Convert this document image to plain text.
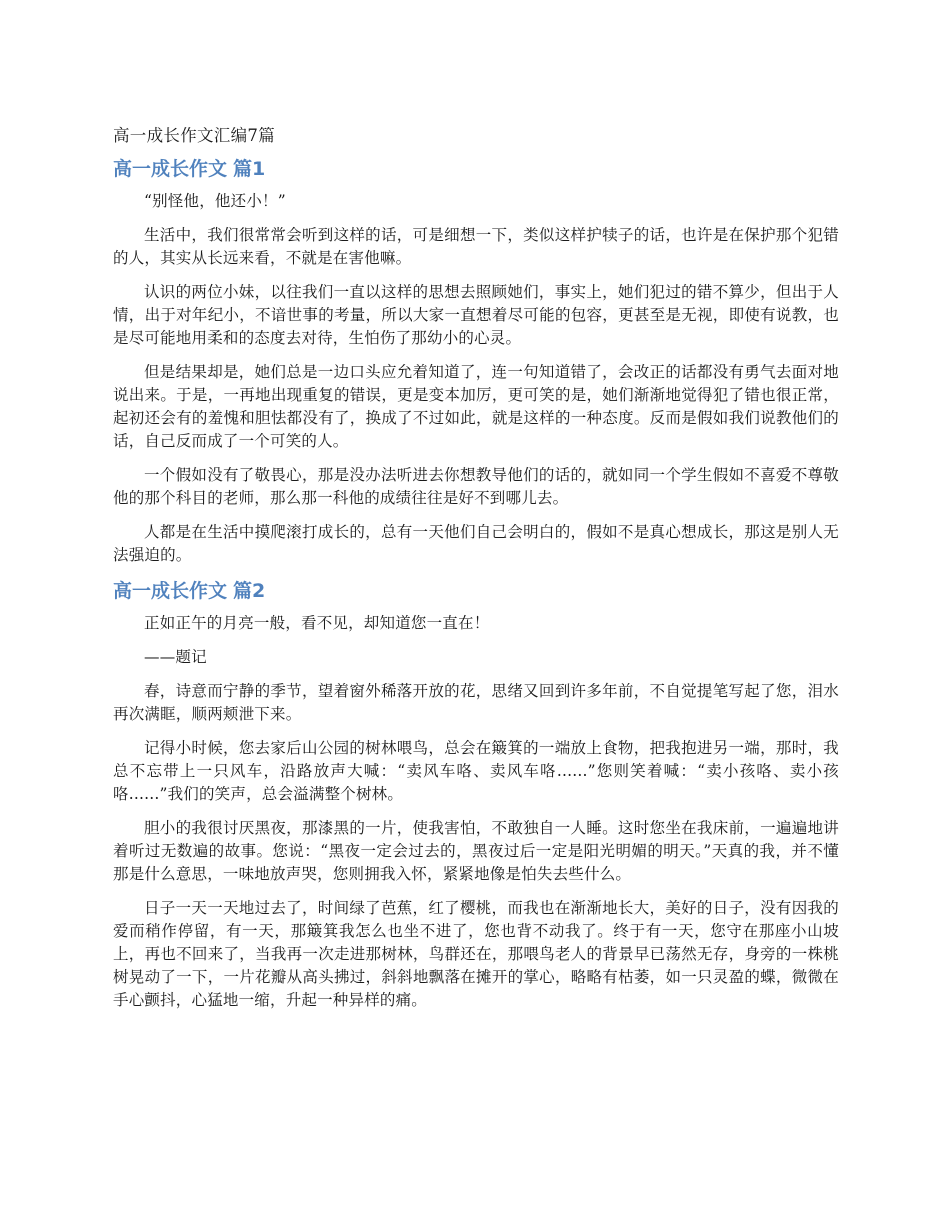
高一成长作文汇编7篇
高一成长作文 篇1

“别怪他，他还小！”

生活中，我们很常常会听到这样的话，可是细想一下，类似这样护犊子的话，也许是在保护那个犯错的人，其实从长远来看，不就是在害他嘛。

认识的两位小妹，以往我们一直以这样的思想去照顾她们，事实上，她们犯过的错不算少，但出于人情，出于对年纪小，不谙世事的考量，所以大家一直想着尽可能的包容，更甚至是无视，即使有说教，也是尽可能地用柔和的态度去对待，生怕伤了那幼小的心灵。

但是结果却是，她们总是一边口头应允着知道了，连一句知道错了，会改正的话都没有勇气去面对地说出来。于是，一再地出现重复的错误，更是变本加厉，更可笑的是，她们渐渐地觉得犯了错也很正常，起初还会有的羞愧和胆怯都没有了，换成了不过如此，就是这样的一种态度。反而是假如我们说教他们的话，自己反而成了一个可笑的人。

一个假如没有了敬畏心，那是没办法听进去你想教导他们的话的，就如同一个学生假如不喜爱不尊敬他的那个科目的老师，那么那一科他的成绩往往是好不到哪儿去。

人都是在生活中摸爬滚打成长的，总有一天他们自己会明白的，假如不是真心想成长，那这是别人无法强迫的。

高一成长作文 篇2

正如正午的月亮一般，看不见，却知道您一直在！

——题记

春，诗意而宁静的季节，望着窗外稀落开放的花，思绪又回到许多年前，不自觉提笔写起了您，泪水再次满眶，顺两颊泄下来。

记得小时候，您去家后山公园的树林喂鸟，总会在簸箕的一端放上食物，把我抱进另一端，那时，我总不忘带上一只风车，沿路放声大喊：“卖风车咯、卖风车咯......”您则笑着喊：“卖小孩咯、卖小孩咯......”我们的笑声，总会溢满整个树林。

胆小的我很讨厌黑夜，那漆黑的一片，使我害怕，不敢独自一人睡。这时您坐在我床前，一遍遍地讲着听过无数遍的故事。您说：“黑夜一定会过去的，黑夜过后一定是阳光明媚的明天。”天真的我，并不懂那是什么意思，一味地放声哭，您则拥我入怀，紧紧地像是怕失去些什么。

日子一天一天地过去了，时间绿了芭蕉，红了樱桃，而我也在渐渐地长大，美好的日子，没有因我的爱而稍作停留，有一天，那簸箕我怎么也坐不进了，您也背不动我了。终于有一天，您守在那座小山坡上，再也不回来了，当我再一次走进那树林，鸟群还在，那喂鸟老人的背景早已荡然无存，身旁的一株桃树晃动了一下，一片花瓣从高头拂过，斜斜地飘落在摊开的掌心，略略有枯萎，如一只灵盈的蝶，微微在手心颤抖，心猛地一缩，升起一种异样的痛。
